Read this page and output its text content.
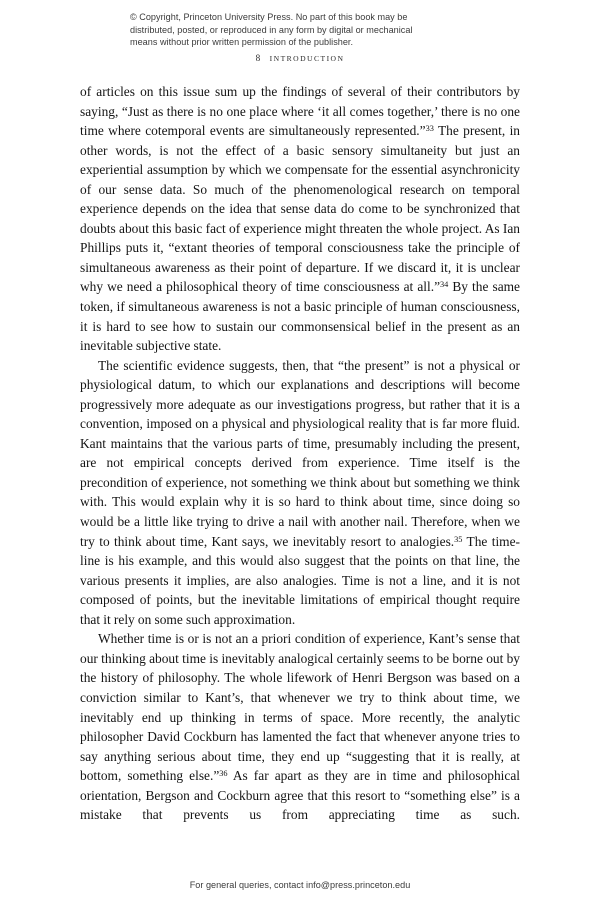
© Copyright, Princeton University Press. No part of this book may be
distributed, posted, or reproduced in any form by digital or mechanical
means without prior written permission of the publisher.
8 INTRODUCTION

of articles on this issue sum up the findings of several of their contributors by saying, “Just as there is no one place where ‘it all comes together,’ there is no one time where cotemporal events are simultaneously represented.”$^{33}$ The present, in other words, is not the effect of a basic sensory simultaneity but just an experiential assumption by which we compensate for the essential asynchronicity of our sense data. So much of the phenomenological research on temporal experience depends on the idea that sense data do come to be synchronized that doubts about this basic fact of experience might threaten the whole project. As Ian Phillips puts it, “extant theories of temporal consciousness take the principle of simultaneous awareness as their point of departure. If we discard it, it is unclear why we need a philosophical theory of time consciousness at all.”$^{34}$ By the same token, if simultaneous awareness is not a basic principle of human consciousness, it is hard to see how to sustain our commonsensical belief in the present as an inevitable subjective state.

The scientific evidence suggests, then, that “the present” is not a physical or physiological datum, to which our explanations and descriptions will become progressively more adequate as our investigations progress, but rather that it is a convention, imposed on a physical and physiological reality that is far more fluid. Kant maintains that the various parts of time, presumably including the present, are not empirical concepts derived from experience. Time itself is the precondition of experience, not something we think about but something we think with. This would explain why it is so hard to think about time, since doing so would be a little like trying to drive a nail with another nail. Therefore, when we try to think about time, Kant says, we inevitably resort to analogies.$^{35}$ The time-line is his example, and this would also suggest that the points on that line, the various presents it implies, are also analogies. Time is not a line, and it is not composed of points, but the inevitable limitations of empirical thought require that it rely on some such approximation.

Whether time is or is not an a priori condition of experience, Kant’s sense that our thinking about time is inevitably analogical certainly seems to be borne out by the history of philosophy. The whole lifework of Henri Bergson was based on a conviction similar to Kant’s, that whenever we try to think about time, we inevitably end up thinking in terms of space. More recently, the analytic philosopher David Cockburn has lamented the fact that whenever anyone tries to say anything serious about time, they end up “suggesting that it is really, at bottom, something else.”$^{36}$ As far apart as they are in time and philosophical orientation, Bergson and Cockburn agree that this resort to “something else” is a mistake that prevents us from appreciating time as such.

For general queries, contact info@press.princeton.edu
